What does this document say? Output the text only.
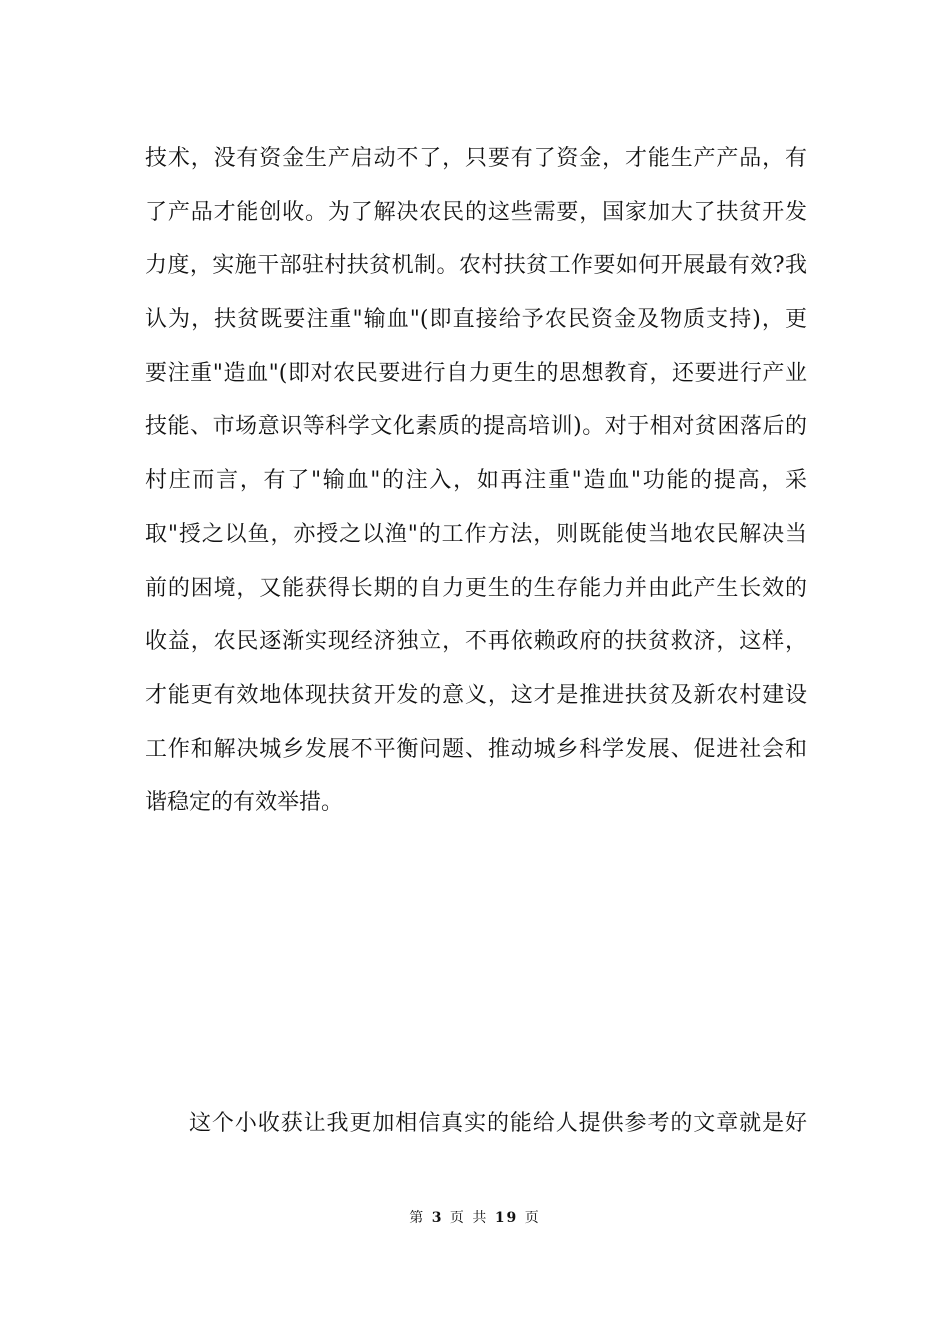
技术，没有资金生产启动不了，只要有了资金，才能生产产品，有
了产品才能创收。为了解决农民的这些需要，国家加大了扶贫开发
力度，实施干部驻村扶贫机制。农村扶贫工作要如何开展最有效?我
认为，扶贫既要注重"输血"(即直接给予农民资金及物质支持)，更
要注重"造血"(即对农民要进行自力更生的思想教育，还要进行产业
技能、市场意识等科学文化素质的提高培训)。对于相对贫困落后的
村庄而言，有了"输血"的注入，如再注重"造血"功能的提高，采
取"授之以鱼，亦授之以渔"的工作方法，则既能使当地农民解决当
前的困境，又能获得长期的自力更生的生存能力并由此产生长效的
收益，农民逐渐实现经济独立，不再依赖政府的扶贫救济，这样，
才能更有效地体现扶贫开发的意义，这才是推进扶贫及新农村建设
工作和解决城乡发展不平衡问题、推动城乡科学发展、促进社会和
谐稳定的有效举措。
这个小收获让我更加相信真实的能给人提供参考的文章就是好
第 3 页 共 19 页
